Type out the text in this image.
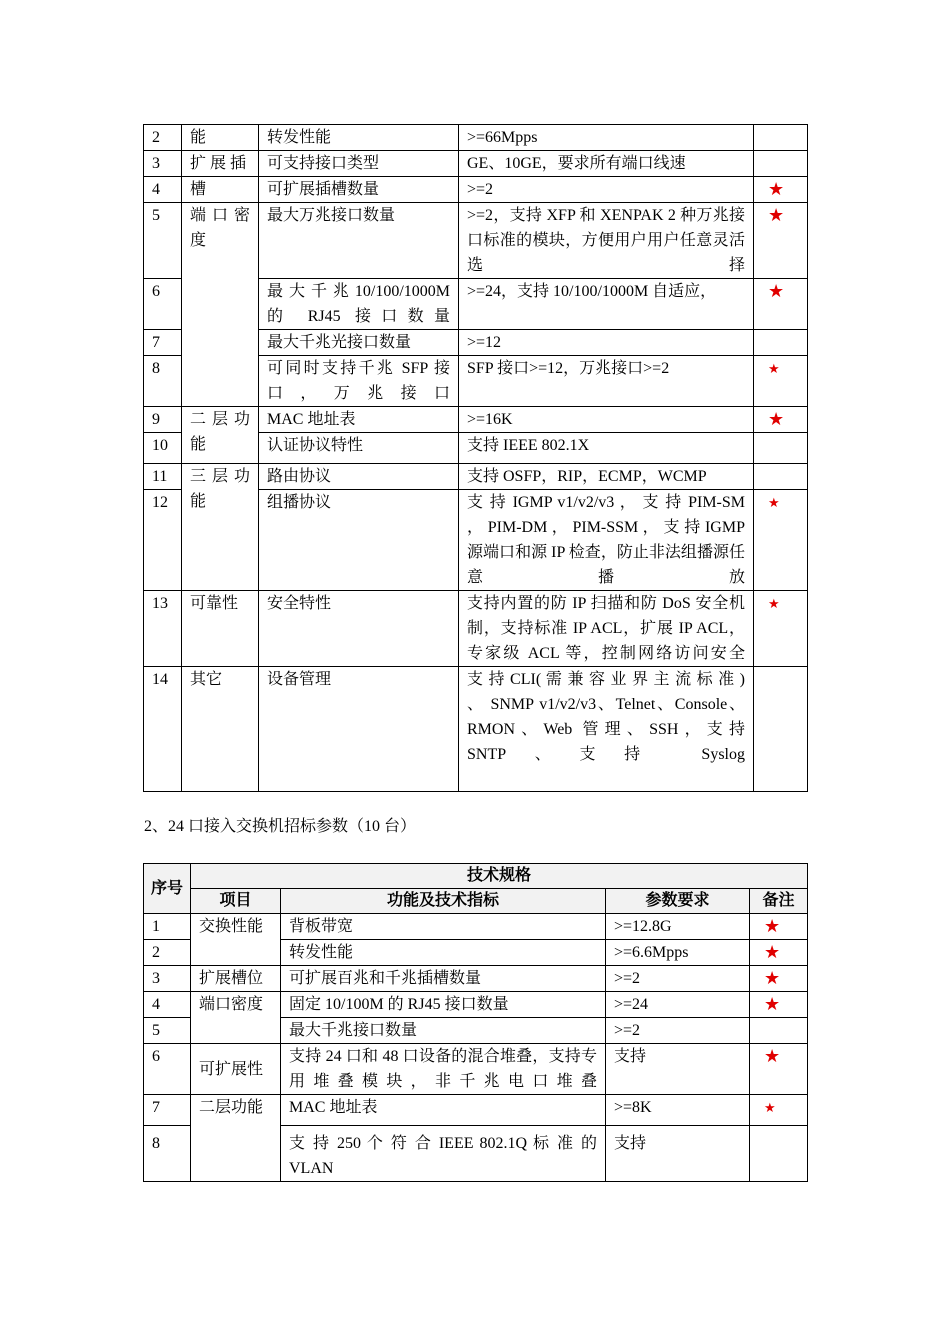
2	能	转发性能	>=66Mpps	
3	扩 展 插	可支持接口类型	GE、10GE，要求所有端口线速	
4	槽	可扩展插槽数量	>=2	★

5	端 口 密 度	最大万兆接口数量	>=2，支持 XFP 和 XENPAK 2 种万兆接口标准的模块，方便用户用户任意灵活选择	★

6		最 大 千 兆 10/100/1000M 的 RJ45 接口数量	>=24，支持 10/100/1000M 自适应，	★

7		最大千兆光接口数量	>=12	
8		可同时支持千兆 SFP 接口，万兆接口	SFP 接口>=12，万兆接口>=2	★

9	二 层 功 能	MAC 地址表	>=16K	★

10		认证协议特性	支持 IEEE 802.1X	
11	三 层 功 能	路由协议	支持 OSFP，RIP，ECMP，WCMP	
12		组播协议	支 持 IGMP v1/v2/v3 ， 支 持 PIM-SM ， PIM-DM ， PIM-SSM ， 支 持 IGMP 源端口和源 IP 检查，防止非法组播源任意播放	★

13	可靠性	安全特性	支持内置的防 IP 扫描和防 DoS 安全机制，支持标准 IP ACL，扩展 IP ACL，专家级 ACL 等，控制网络访问安全	★

14	其它	设备管理	支 持 CLI( 需 兼 容 业 界 主 流 标 准 ) 、 SNMP v1/v2/v3、Telnet、Console、RMON、Web 管理、SSH，支持 SNTP、支持 Syslog	
2、24 口接入交换机招标参数（10 台）
序号	技术规格			
	项目	功能及技术指标	参数要求	备注
1	交换性能	背板带宽	>=12.8G	★

2		转发性能	>=6.6Mpps	★

3	扩展槽位	可扩展百兆和千兆插槽数量	>=2	★

4	端口密度	固定 10/100M 的 RJ45 接口数量	>=24	★

5		最大千兆接口数量	>=2	
6	可扩展性	支持 24 口和 48 口设备的混合堆叠，支持专用堆叠模块，非千兆电口堆叠	支持	★

7	二层功能	MAC 地址表	>=8K	★

8		支 持 250 个 符 合 IEEE 802.1Q 标 准 的 VLAN	支持	
